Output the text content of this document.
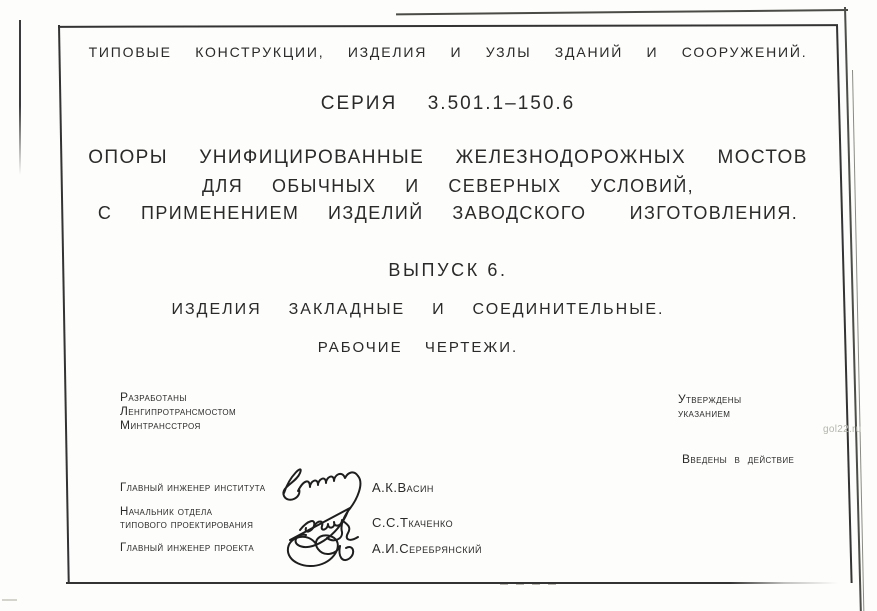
ТИПОВЫЕ  КОНСТРУКЦИИ,  ИЗДЕЛИЯ  И  УЗЛЫ  ЗДАНИЙ  И  СООРУЖЕНИЙ.
СЕРИЯ  3.501.1–150.6
ОПОРЫ  УНИФИЦИРОВАННЫЕ  ЖЕЛЕЗНОДОРОЖНЫХ  МОСТОВ
ДЛЯ  ОБЫЧНЫХ  И  СЕВЕРНЫХ  УСЛОВИЙ,
С  ПРИМЕНЕНИЕМ  ИЗДЕЛИЙ  ЗАВОДСКОГО   ИЗГОТОВЛЕНИЯ.
ВЫПУСК 6.
ИЗДЕЛИЯ  ЗАКЛАДНЫЕ  И  СОЕДИНИТЕЛЬНЫЕ.
РАБОЧИЕ  ЧЕРТЕЖИ.
Разработаны
Ленгипротрансмостом
Минтрансстроя
Утверждены
указанием
Введены  в  действие
Главный инженер института
Начальник отдела
типового проектирования
Главный инженер проекта
А.К.Васин
С.С.Ткаченко
А.И.Серебрянский
gol22.ru
